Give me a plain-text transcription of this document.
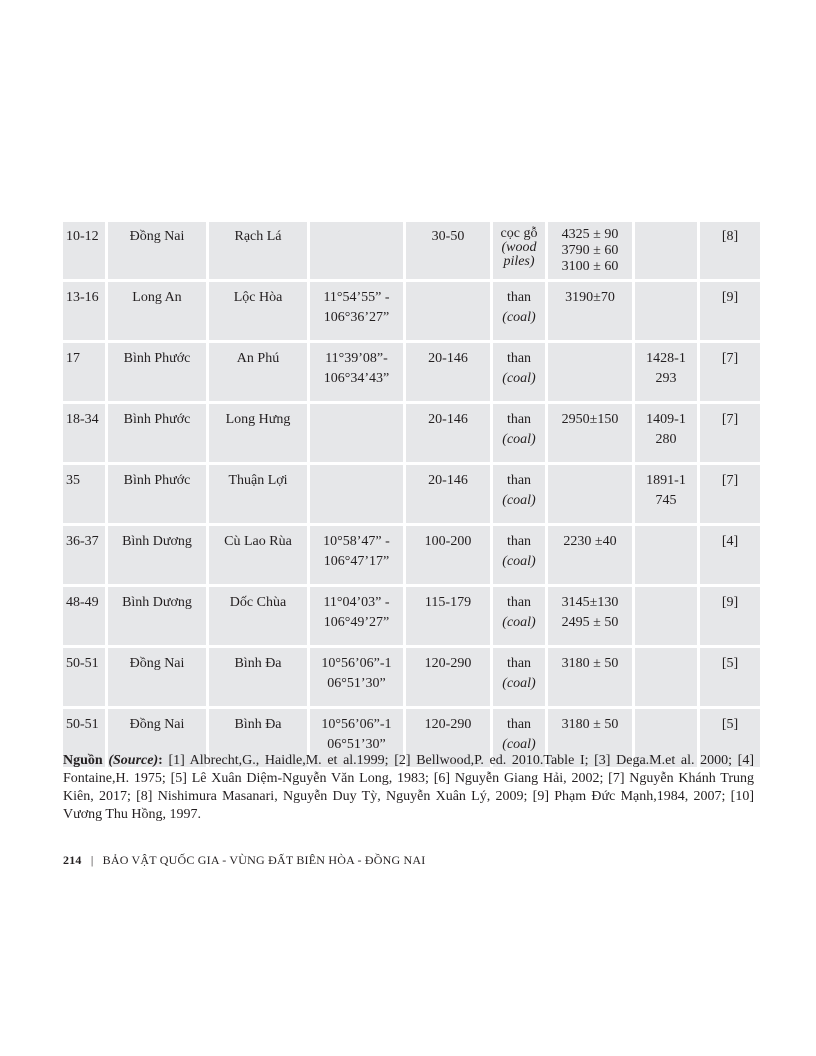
10-12	Đồng Nai	Rạch Lá		30-50	cọc gỗ
(wood piles)	4325 ± 90
3790 ± 60
3100 ± 60		[8]

13-16	Long An	Lộc Hòa	11°54’55” -
106°36’27”		than
(coal)	3190±70		[9]

17	Bình Phước	An Phú	11°39’08”-
106°34’43”	20-146	than
(coal)		1428-1
293	[7]

18-34	Bình Phước	Long Hưng		20-146	than
(coal)	2950±150	1409-1
280	[7]

35	Bình Phước	Thuận Lợi		20-146	than
(coal)		1891-1
745	[7]

36-37	Bình Dương	Cù Lao Rùa	10°58’47” -
106°47’17”	100-200	than
(coal)	2230 ±40		[4]

48-49	Bình Dương	Dốc Chùa	11°04’03” -
106°49’27”	115-179	than
(coal)	3145±130
2495 ± 50		[9]

50-51	Đồng Nai	Bình Đa	10°56’06”-1
06°51’30”	120-290	than
(coal)	3180 ± 50		[5]

50-51	Đồng Nai	Bình Đa	10°56’06”-1
06°51’30”	120-290	than
(coal)	3180 ± 50		[5]
Nguồn (Source): [1] Albrecht,G., Haidle,M. et al.1999; [2] Bellwood,P. ed. 2010.Table I; [3] Dega.M.et al. 2000; [4] Fontaine,H. 1975; [5] Lê Xuân Diệm-Nguyễn Văn Long, 1983; [6] Nguyễn Giang Hải, 2002; [7] Nguyễn Khánh Trung Kiên, 2017; [8] Nishimura Masanari, Nguyễn Duy Tỳ, Nguyễn Xuân Lý, 2009; [9] Phạm Đức Mạnh,1984, 2007; [10] Vương Thu Hồng, 1997.
214 | BẢO VẬT QUỐC GIA - VÙNG ĐẤT BIÊN HÒA - ĐỒNG NAI
